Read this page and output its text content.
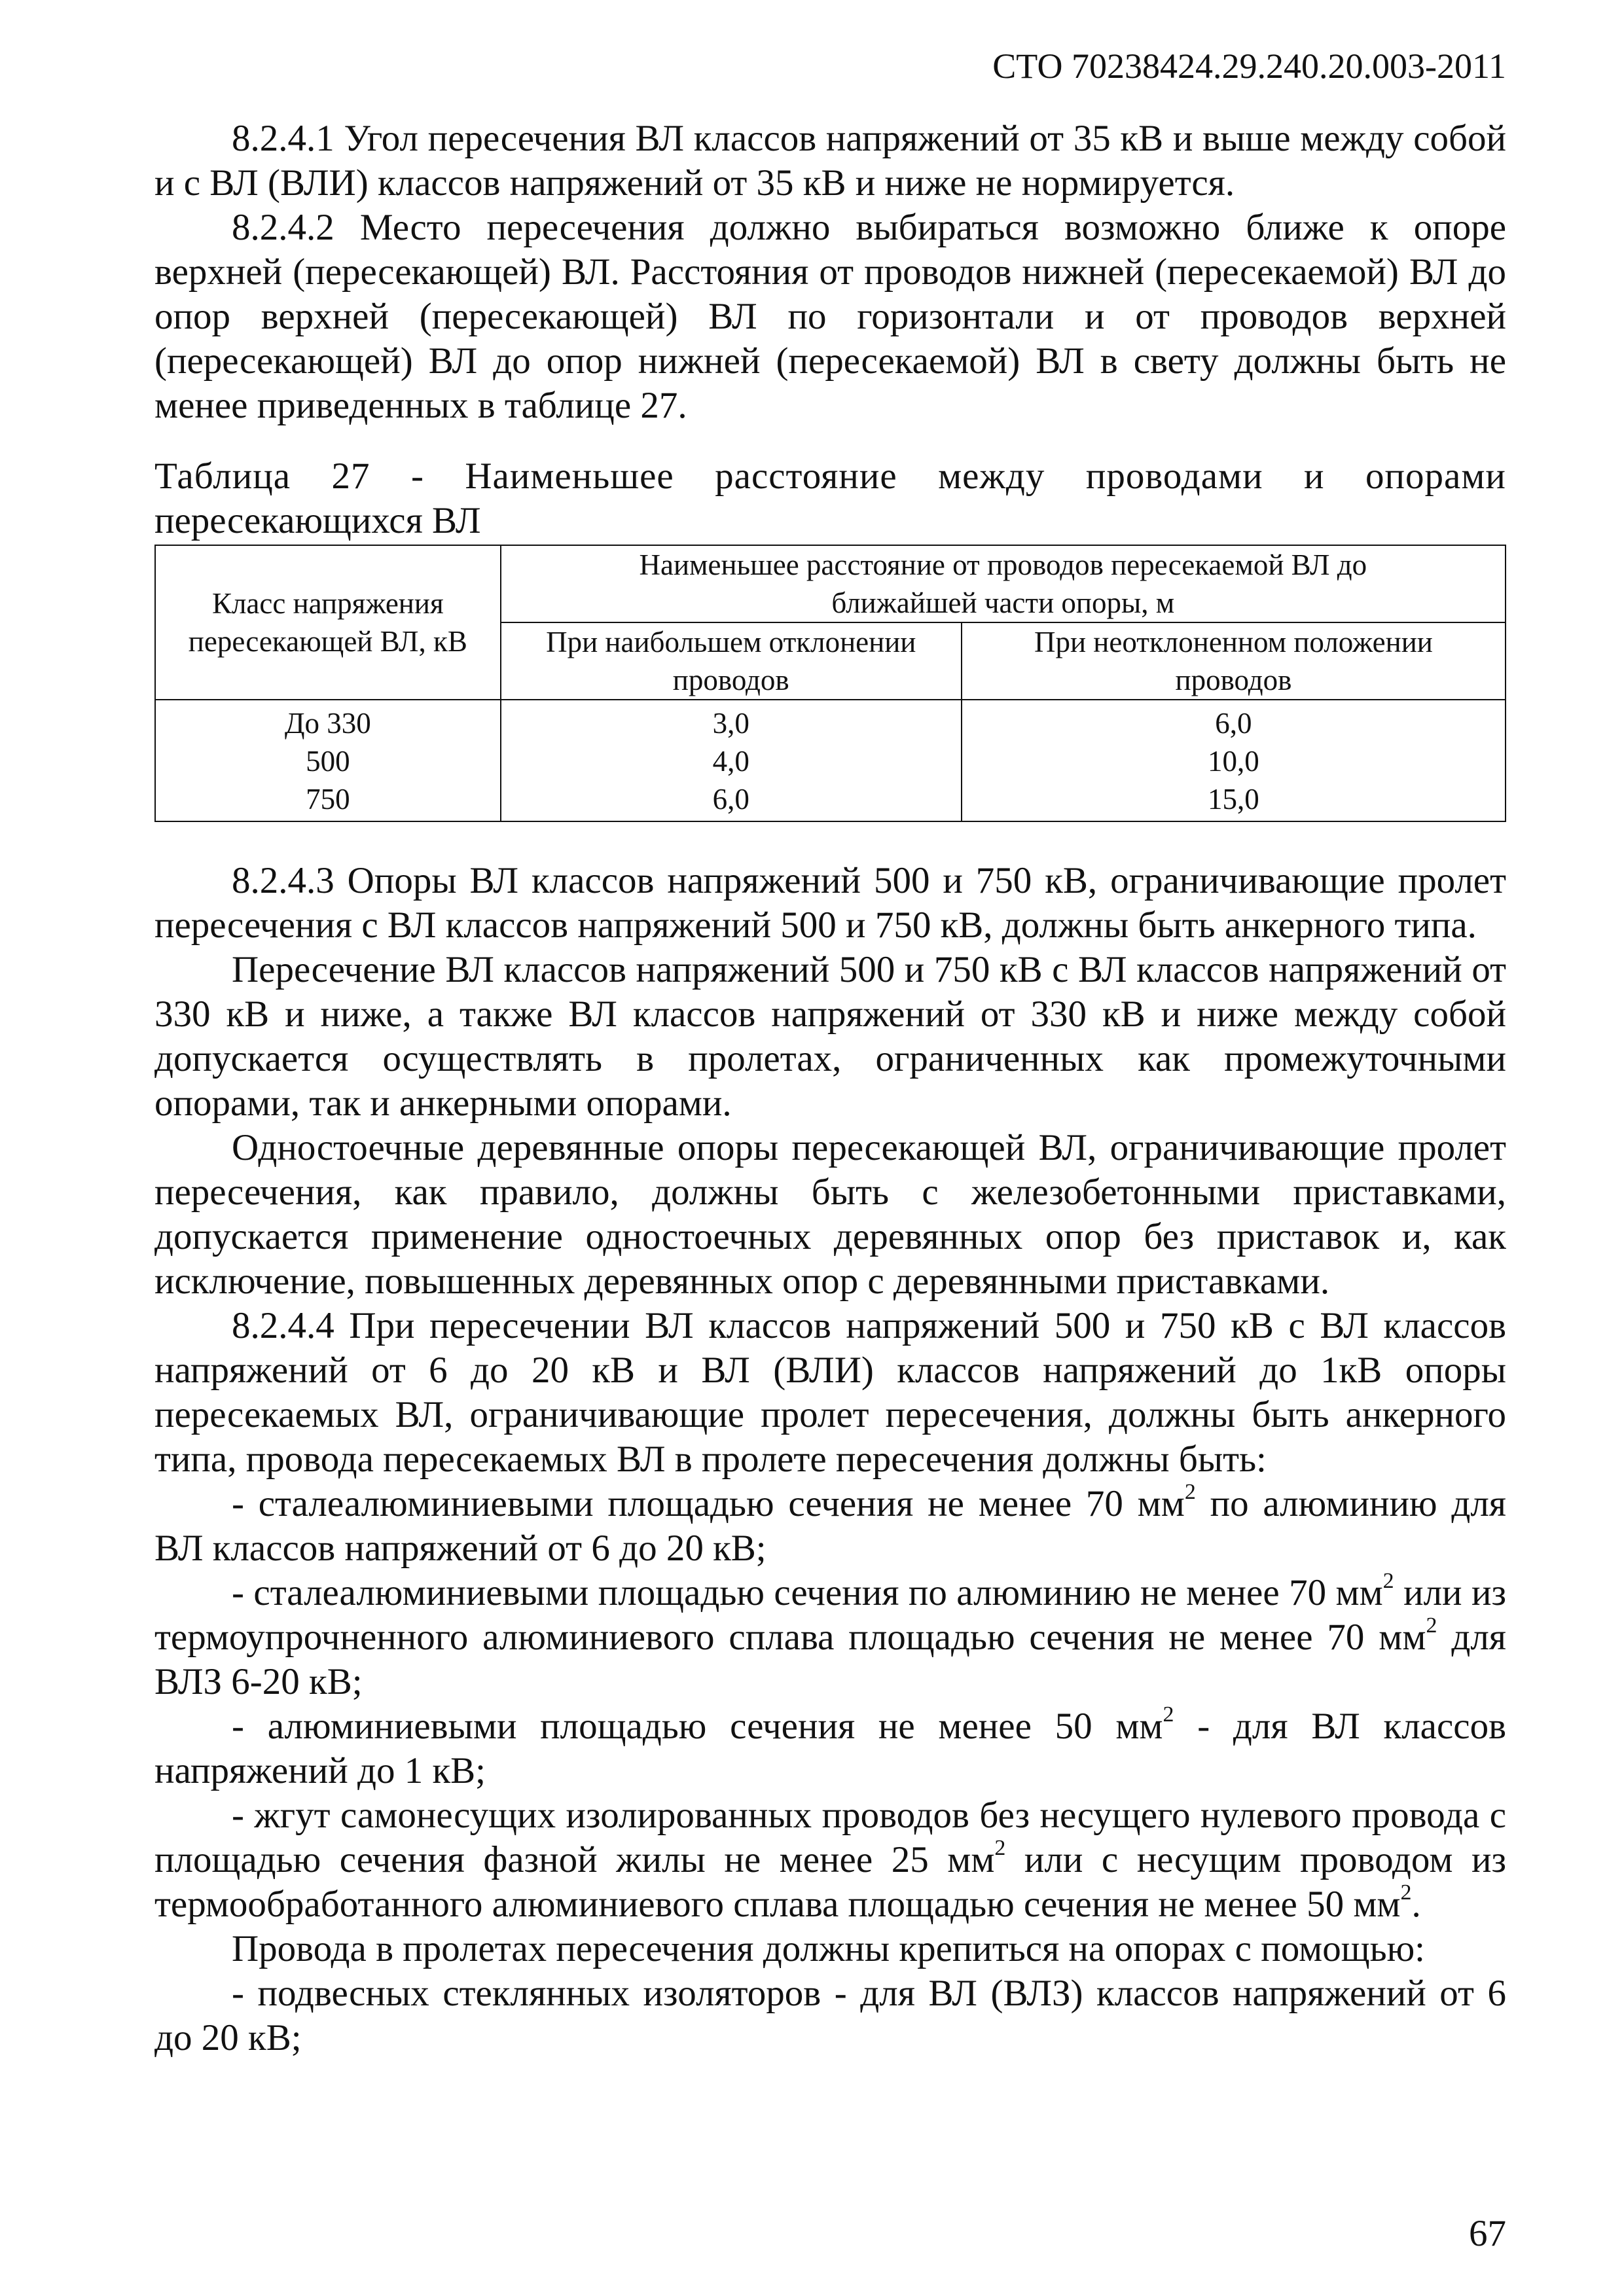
СТО 70238424.29.240.20.003-2011

8.2.4.1 Угол пересечения ВЛ классов напряжений от 35 кВ и выше между собой и с ВЛ (ВЛИ) классов напряжений от 35 кВ и ниже не нормируется.

8.2.4.2 Место пересечения должно выбираться возможно ближе к опоре верхней (пересекающей) ВЛ. Расстояния от проводов нижней (пересекаемой) ВЛ до опор верхней (пересекающей) ВЛ по горизонтали и от проводов верхней (пересекающей) ВЛ до опор нижней (пересекаемой) ВЛ в свету должны быть не менее приведенных в таблице 27.

Таблица 27 - Наименьшее расстояние между проводами и опорами
пересекающихся ВЛ
Класс напряжения пересекающей ВЛ, кВ	Наименьшее расстояние от проводов пересекаемой ВЛ до ближайшей части опоры, м	
	При наибольшем отклонении проводов	При неотклоненном положении проводов
До 330	3,0	6,0
500	4,0	10,0
750	6,0	15,0

8.2.4.3 Опоры ВЛ классов напряжений 500 и 750 кВ, ограничивающие пролет пересечения с ВЛ классов напряжений 500 и 750 кВ, должны быть анкерного типа.

Пересечение ВЛ классов напряжений 500 и 750 кВ с ВЛ классов напряжений от 330 кВ и ниже, а также ВЛ классов напряжений от 330 кВ и ниже между собой допускается осуществлять в пролетах, ограниченных как промежуточными опорами, так и анкерными опорами.

Одностоечные деревянные опоры пересекающей ВЛ, ограничивающие пролет пересечения, как правило, должны быть с железобетонными приставками, допускается применение одностоечных деревянных опор без приставок и, как исключение, повышенных деревянных опор с деревянными приставками.

8.2.4.4 При пересечении ВЛ классов напряжений 500 и 750 кВ с ВЛ классов напряжений от 6 до 20 кВ и ВЛ (ВЛИ) классов напряжений до 1кВ опоры пересекаемых ВЛ, ограничивающие пролет пересечения, должны быть анкерного типа, провода пересекаемых ВЛ в пролете пересечения должны быть:

- сталеалюминиевыми площадью сечения не менее 70 $мм^2$ по алюминию для ВЛ классов напряжений от 6 до 20 кВ;

- сталеалюминиевыми площадью сечения по алюминию не менее 70 $мм^2$ или из термоупрочненного алюминиевого сплава площадью сечения не менее 70 $мм^2$ для ВЛЗ 6-20 кВ;

- алюминиевыми площадью сечения не менее 50 $мм^2$ - для ВЛ классов напряжений до 1 кВ;

- жгут самонесущих изолированных проводов без несущего нулевого провода с площадью сечения фазной жилы не менее 25 $мм^2$ или с несущим проводом из термообработанного алюминиевого сплава площадью сечения не менее 50 $мм^2$.

Провода в пролетах пересечения должны крепиться на опорах с помощью:

- подвесных стеклянных изоляторов - для ВЛ (ВЛЗ) классов напряжений от 6 до 20 кВ;

67
